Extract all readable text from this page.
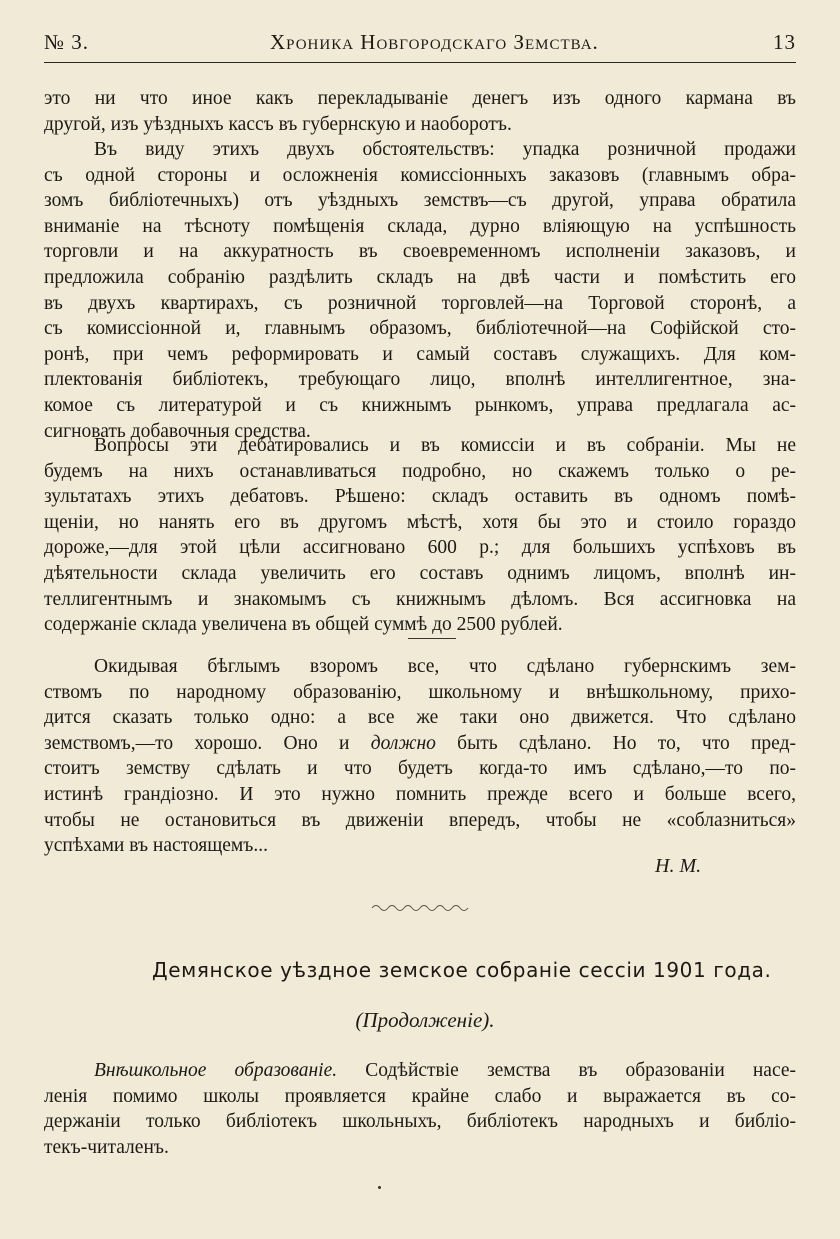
№ 3.	Хроника Новгородскаго Земства.	13
это ни что иное какъ перекладываніе денегъ изъ одного кармана въ
другой, изъ уѣздныхъ кассъ въ губернскую и наоборотъ.
Въ виду этихъ двухъ обстоятельствъ: упадка розничной продажи
съ одной стороны и осложненія комиссіонныхъ заказовъ (главнымъ обра-
зомъ библіотечныхъ) отъ уѣздныхъ земствъ—съ другой, управа обратила
вниманіе на тѣсноту помѣщенія склада, дурно вліяющую на успѣшность
торговли и на аккуратность въ своевременномъ исполненіи заказовъ, и
предложила собранію раздѣлить складъ на двѣ части и помѣстить его
въ двухъ квартирахъ, съ розничной торговлей—на Торговой сторонѣ, а
съ комиссіонной и, главнымъ образомъ, библіотечной—на Софійской сто-
ронѣ, при чемъ реформировать и самый составъ служащихъ. Для ком-
плектованія библіотекъ, требующаго лицо, вполнѣ интеллигентное, зна-
комое съ литературой и съ книжнымъ рынкомъ, управа предлагала ас-
сигновать добавочныя средства.
Вопросы эти дебатировались и въ комиссіи и въ собраніи. Мы не
будемъ на нихъ останавливаться подробно, но скажемъ только о ре-
зультатахъ этихъ дебатовъ. Рѣшено: складъ оставить въ одномъ помѣ-
щеніи, но нанять его въ другомъ мѣстѣ, хотя бы это и стоило гораздо
дороже,—для этой цѣли ассигновано 600 р.; для большихъ успѣховъ въ
дѣятельности склада увеличить его составъ однимъ лицомъ, вполнѣ ин-
теллигентнымъ и знакомымъ съ книжнымъ дѣломъ. Вся ассигновка на
содержаніе склада увеличена въ общей суммѣ до 2500 рублей.
Окидывая бѣглымъ взоромъ все, что сдѣлано губернскимъ зем-
ствомъ по народному образованію, школьному и внѣшкольному, прихо-
дится сказать только одно: а все же таки оно движется. Что сдѣлано
земствомъ,—то хорошо. Оно и должно быть сдѣлано. Но то, что пред-
стоитъ земству сдѣлать и что будетъ когда-то имъ сдѣлано,—то по-
истинѣ грандіозно. И это нужно помнить прежде всего и больше всего,
чтобы не остановиться въ движеніи впередъ, чтобы не «соблазниться»
успѣхами въ настоящемъ...
Н. М.
Демянское уѣздное земское собраніе сессіи 1901 года.
(Продолженіе).
Внѣшкольное образованіе. Содѣйствіе земства въ образованіи насе-
ленія помимо школы проявляется крайне слабо и выражается въ со-
держаніи только библіотекъ школьныхъ, библіотекъ народныхъ и библіо-
текъ-читаленъ.
